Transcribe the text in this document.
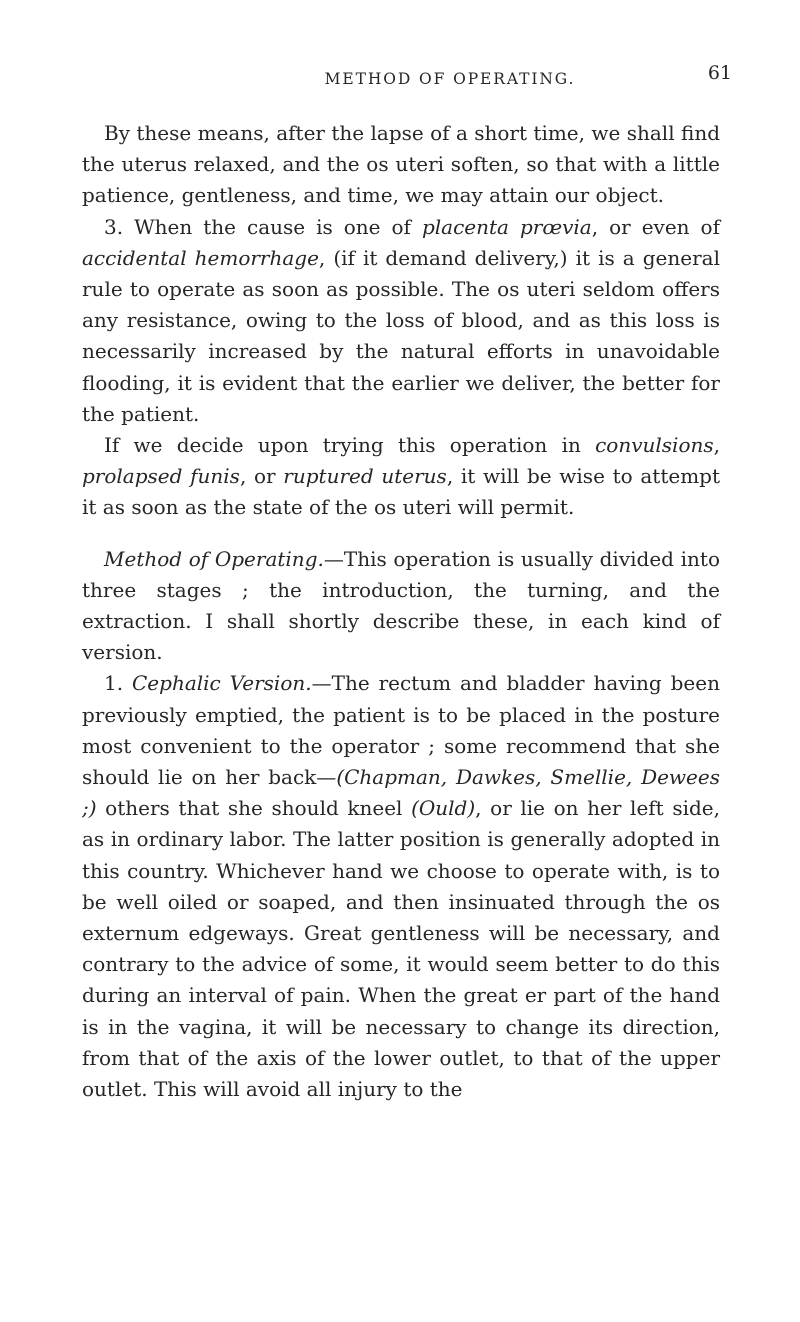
METHOD OF OPERATING.	61

By these means, after the lapse of a short time, we shall find the uterus relaxed, and the os uteri soften, so that with a little patience, gentleness, and time, we may attain our object.

3. When the cause is one of placenta prœvia, or even of accidental hemorrhage, (if it demand delivery,) it is a general rule to operate as soon as possible. The os uteri seldom offers any resistance, owing to the loss of blood, and as this loss is necessarily increased by the natural efforts in unavoidable flooding, it is evident that the earlier we deliver, the better for the patient.

If we decide upon trying this operation in convulsions, prolapsed funis, or ruptured uterus, it will be wise to attempt it as soon as the state of the os uteri will permit.

Method of Operating.—This operation is usually divided into three stages ; the introduction, the turning, and the extraction. I shall shortly describe these, in each kind of version.

1. Cephalic Version.—The rectum and bladder having been previously emptied, the patient is to be placed in the posture most convenient to the operator ; some recommend that she should lie on her back—(Chapman, Dawkes, Smellie, Dewees ;) others that she should kneel (Ould), or lie on her left side, as in ordinary labor. The latter position is generally adopted in this country. Whichever hand we choose to operate with, is to be well oiled or soaped, and then insinuated through the os externum edgeways. Great gentleness will be necessary, and contrary to the advice of some, it would seem better to do this during an interval of pain. When the great er part of the hand is in the vagina, it will be necessary to change its direction, from that of the axis of the lower outlet, to that of the upper outlet. This will avoid all injury to the
